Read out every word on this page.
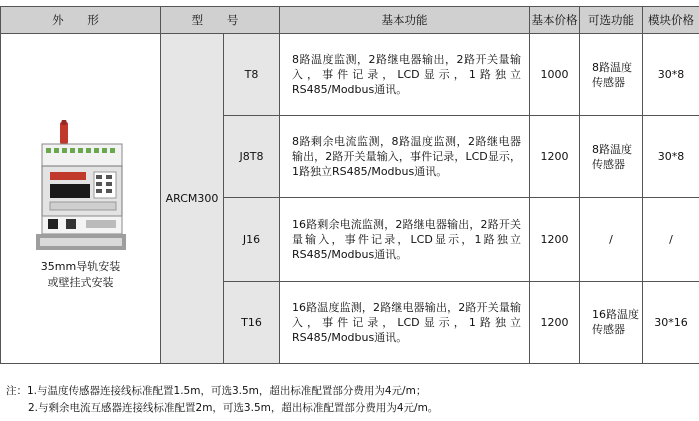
外 形	型 号		基本功能	基本价格	可选功能	模块价格

35mm导轨安装
或壁挂式安装	ARCM300	T8	8路温度监测，2路继电器输出，2路开关量输入，事件记录，LCD显示，1路独立RS485/Modbus通讯。	1000	8路温度传感器	30*8
		J8T8	8路剩余电流监测，8路温度监测，2路继电器输出，2路开关量输入，事件记录，LCD显示，1路独立RS485/Modbus通讯。	1200	8路温度传感器	30*8
		J16	16路剩余电流监测，2路继电器输出，2路开关量输入，事件记录，LCD显示，1路独立RS485/Modbus通讯。	1200	/	/
		T16	16路温度监测，2路继电器输出，2路开关量输入，事件记录，LCD显示，1路独立RS485/Modbus通讯。	1200	16路温度传感器	30*16
注：1.与温度传感器连接线标准配置1.5m，可选3.5m，超出标准配置部分费用为4元/m；
2.与剩余电流互感器连接线标准配置2m，可选3.5m，超出标准配置部分费用为4元/m。
